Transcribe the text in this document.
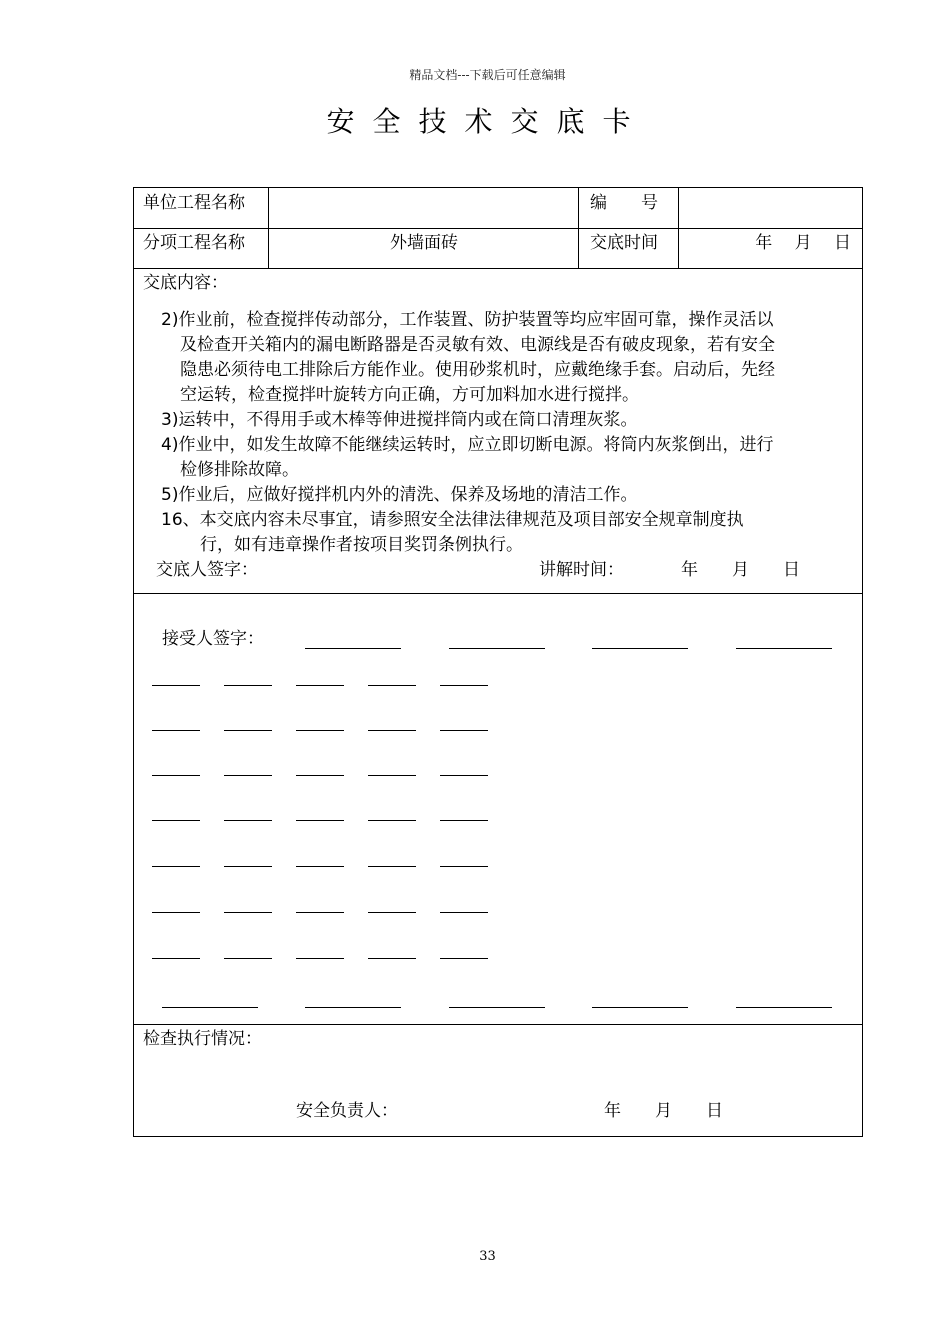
精品文档---下载后可任意编辑
安全技术交底卡
单位工程名称	编　　号
分项工程名称	外墙面砖	交底时间	年　 月　 日
交底内容：
2)作业前，检查搅拌传动部分，工作装置、防护装置等均应牢固可靠，操作灵活以
及检查开关箱内的漏电断路器是否灵敏有效、电源线是否有破皮现象，若有安全
隐患必须待电工排除后方能作业。使用砂浆机时，应戴绝缘手套。启动后，先经
空运转，检查搅拌叶旋转方向正确，方可加料加水进行搅拌。
3)运转中，不得用手或木棒等伸进搅拌筒内或在筒口清理灰浆。
4)作业中，如发生故障不能继续运转时，应立即切断电源。将筒内灰浆倒出，进行
检修排除故障。
5)作业后，应做好搅拌机内外的清洗、保养及场地的清洁工作。
16、本交底内容未尽事宜，请参照安全法律法律规范及项目部安全规章制度执
行，如有违章操作者按项目奖罚条例执行。
交底人签字：	讲解时间：	年　　月　　日
接受人签字：
检查执行情况：
安全负责人：	年　　月　　日
33
